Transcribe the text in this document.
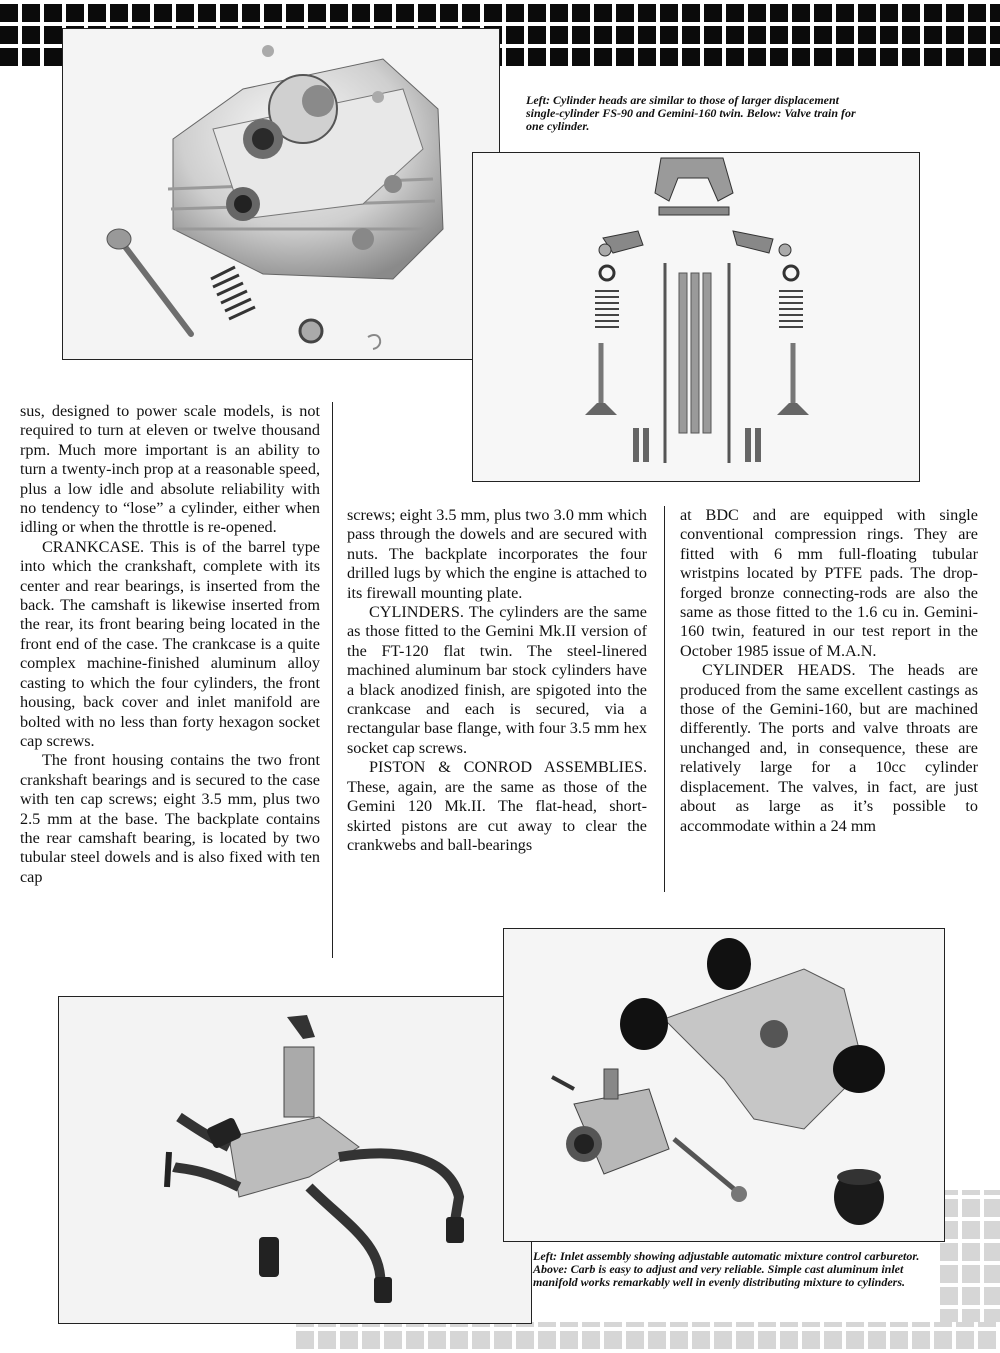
Left: Cylinder heads are similar to those of larger displacement single-cylinder FS-90 and Gemini-160 twin. Below: Valve train for one cylinder.

sus, designed to power scale models, is not required to turn at eleven or twelve thousand rpm. Much more important is an ability to turn a twenty-inch prop at a reasonable speed, plus a low idle and absolute reliability with no tendency to “lose” a cylinder, either when idling or when the throttle is re-opened.

CRANKCASE. This is of the barrel type into which the crankshaft, complete with its center and rear bearings, is inserted from the back. The camshaft is likewise inserted from the rear, its front bearing being located in the front end of the case. The crankcase is a quite complex machine-finished aluminum alloy casting to which the four cylinders, the front housing, back cover and inlet manifold are bolted with no less than forty hexagon socket cap screws.

The front housing contains the two front crankshaft bearings and is secured to the case with ten cap screws; eight 3.5 mm, plus two 2.5 mm at the base. The backplate contains the rear camshaft bearing, is located by two tubular steel dowels and is also fixed with ten cap

screws; eight 3.5 mm, plus two 3.0 mm which pass through the dowels and are secured with nuts. The backplate incorporates the four drilled lugs by which the engine is attached to its firewall mounting plate.

CYLINDERS. The cylinders are the same as those fitted to the Gemini Mk.II version of the FT-120 flat twin. The steel-linered machined aluminum bar stock cylinders have a black anodized finish, are spigoted into the crankcase and each is secured, via a rectangular base flange, with four 3.5 mm hex socket cap screws.

PISTON & CONROD ASSEMBLIES. These, again, are the same as those of the Gemini 120 Mk.II. The flat-head, short-skirted pistons are cut away to clear the crankwebs and ball-bearings

at BDC and are equipped with single conventional compression rings. They are fitted with 6 mm full-floating tubular wristpins located by PTFE pads. The drop-forged bronze connecting-rods are also the same as those fitted to the 1.6 cu in. Gemini-160 twin, featured in our test report in the October 1985 issue of M.A.N.

CYLINDER HEADS. The heads are produced from the same excellent castings as those of the Gemini-160, but are machined differently. The ports and valve throats are unchanged and, in consequence, these are relatively large for a 10cc cylinder displacement. The valves, in fact, are just about as large as it’s possible to accommodate within a 24 mm

Left: Inlet assembly showing adjustable automatic mixture control carburetor. Above: Carb is easy to adjust and very reliable. Simple cast aluminum inlet manifold works remarkably well in evenly distributing mixture to cylinders.
